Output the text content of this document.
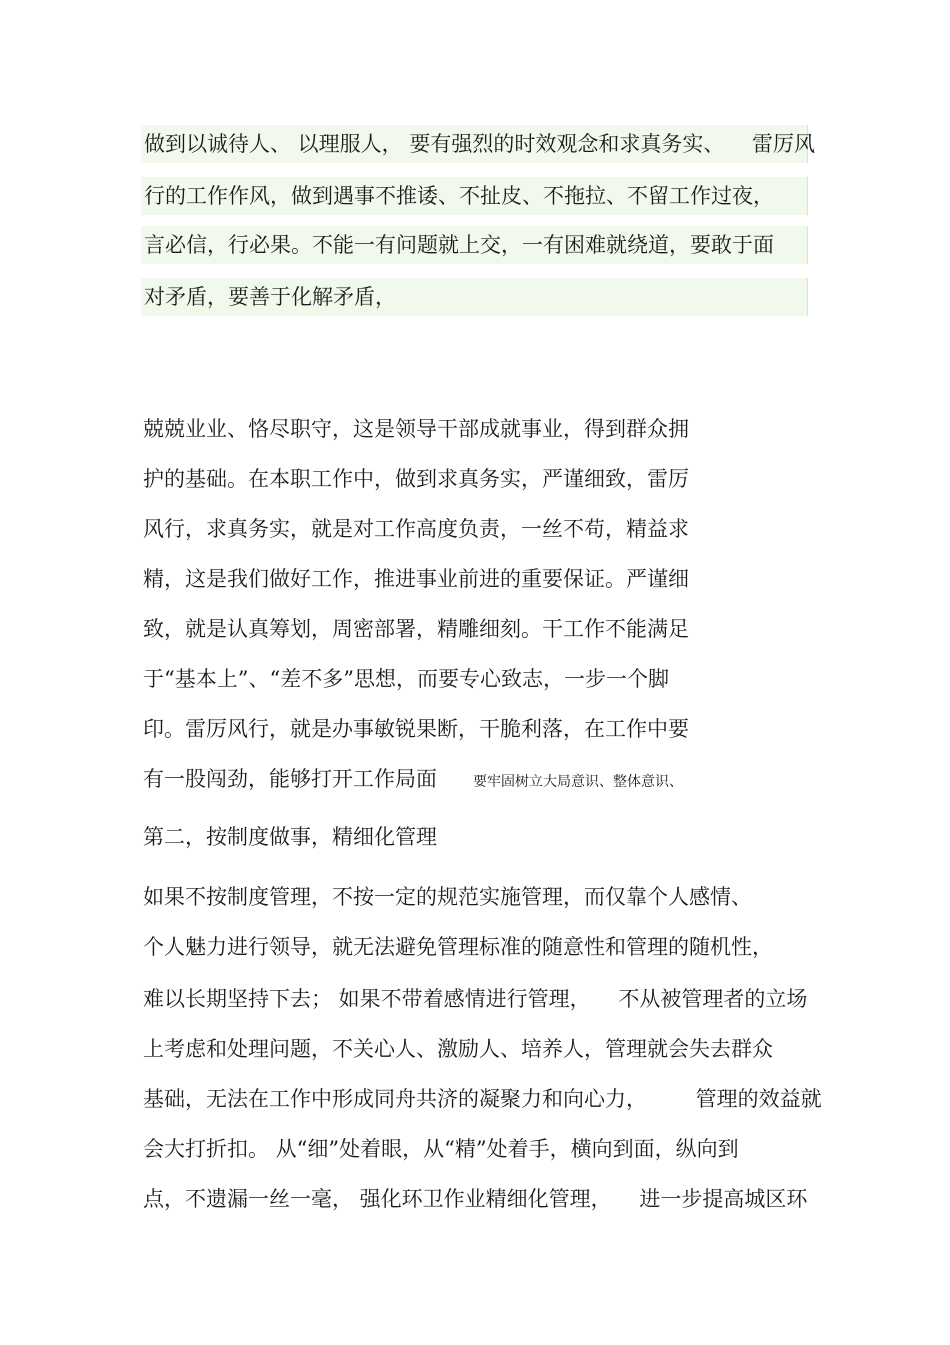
做到以诚待人、 以理服人， 要有强烈的时效观念和求真务实、 　雷厉风
行的工作作风，做到遇事不推诿、不扯皮、不拖拉、不留工作过夜，
言必信，行必果。不能一有问题就上交，一有困难就绕道，要敢于面
对矛盾，要善于化解矛盾，
兢兢业业、恪尽职守，这是领导干部成就事业，得到群众拥
护的基础。在本职工作中，做到求真务实，严谨细致，雷厉
风行，求真务实，就是对工作高度负责，一丝不苟，精益求
精，这是我们做好工作，推进事业前进的重要保证。严谨细
致，就是认真筹划，周密部署，精雕细刻。干工作不能满足
于“基本上”、“差不多”思想，而要专心致志，一步一个脚
印。雷厉风行，就是办事敏锐果断，干脆利落，在工作中要
有一股闯劲，能够打开工作局面	要牢固树立大局意识、整体意识、
第二，按制度做事，精细化管理
如果不按制度管理，不按一定的规范实施管理，而仅靠个人感情、
个人魅力进行领导，就无法避免管理标准的随意性和管理的随机性，
难以长期坚持下去； 如果不带着感情进行管理， 　不从被管理者的立场
上考虑和处理问题，不关心人、激励人、培养人，管理就会失去群众
基础，无法在工作中形成同舟共济的凝聚力和向心力， 　　管理的效益就
会大打折扣。 从“细”处着眼，从“精”处着手，横向到面，纵向到
点，不遗漏一丝一毫， 强化环卫作业精细化管理， 　进一步提高城区环
